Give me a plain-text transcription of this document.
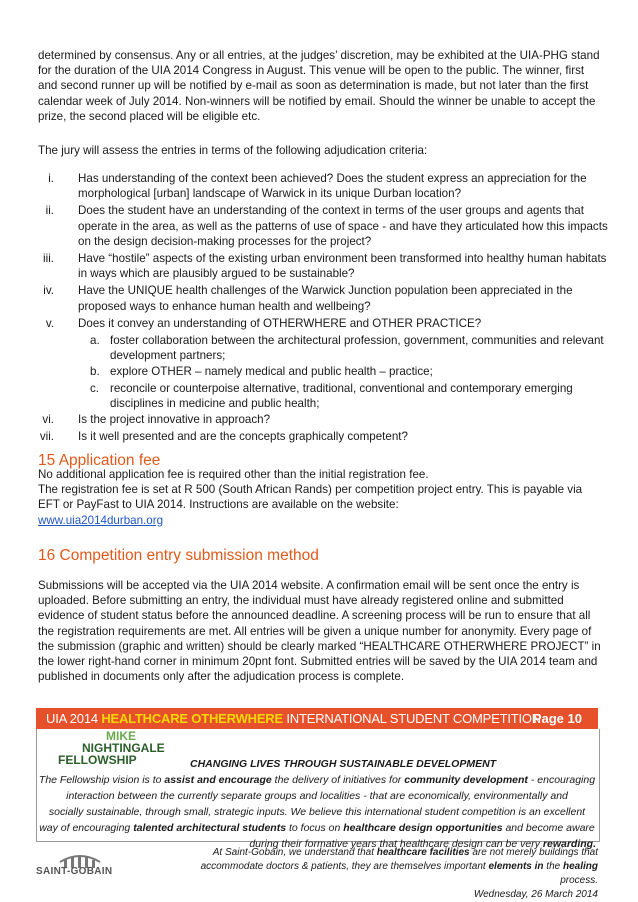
determined by consensus. Any or all entries, at the judges’ discretion, may be exhibited at the UIA-PHG stand for the duration of the UIA 2014 Congress in August. This venue will be open to the public. The winner, first and second runner up will be notified by e-mail as soon as determination is made, but not later than the first calendar week of July 2014. Non-winners will be notified by email. Should the winner be unable to accept the prize, the second placed will be eligible etc.

The jury will assess the entries in terms of the following adjudication criteria:

i. Has understanding of the context been achieved? Does the student express an appreciation for the morphological [urban] landscape of Warwick in its unique Durban location?
ii. Does the student have an understanding of the context in terms of the user groups and agents that operate in the area, as well as the patterns of use of space - and have they articulated how this impacts on the design decision-making processes for the project?
iii. Have “hostile” aspects of the existing urban environment been transformed into healthy human habitats in ways which are plausibly argued to be sustainable?
iv. Have the UNIQUE health challenges of the Warwick Junction population been appreciated in the proposed ways to enhance human health and wellbeing?
v. Does it convey an understanding of OTHERWHERE and OTHER PRACTICE?
a. foster collaboration between the architectural profession, government, communities and relevant development partners;
b. explore OTHER – namely medical and public health – practice;
c. reconcile or counterpoise alternative, traditional, conventional and contemporary emerging disciplines in medicine and public health;
vi. Is the project innovative in approach?
vii. Is it well presented and are the concepts graphically competent?
15 Application fee

No additional application fee is required other than the initial registration fee.

The registration fee is set at R 500 (South African Rands) per competition project entry. This is payable via EFT or PayFast to UIA 2014. Instructions are available on the website:

www.uia2014durban.org

16 Competition entry submission method

Submissions will be accepted via the UIA 2014 website. A confirmation email will be sent once the entry is uploaded. Before submitting an entry, the individual must have already registered online and submitted evidence of student status before the announced deadline. A screening process will be run to ensure that all the registration requirements are met. All entries will be given a unique number for anonymity. Every page of the submission (graphic and written) should be clearly marked “HEALTHCARE OTHERWHERE PROJECT” in the lower right-hand corner in minimum 20pnt font. Submitted entries will be saved by the UIA 2014 team and published in documents only after the adjudication process is complete.

UIA 2014 HEALTHCARE OTHERWHERE INTERNATIONAL STUDENT COMPETITION
Page 10
MIKE
NIGHTINGALE
FELLOWSHIP	CHANGING LIVES THROUGH SUSTAINABLE DEVELOPMENT
The Fellowship vision is to assist and encourage the delivery of initiatives for community development - encouraging
interaction between the currently separate groups and localities - that are economically, environmentally and
socially sustainable, through small, strategic inputs. We believe this international student competition is an excellent
way of encouraging talented architectural students to focus on healthcare design opportunities and become aware
during their formative years that healthcare design can be very rewarding.
SAINT-GOBAIN
At Saint-Gobain, we understand that healthcare facilities are not merely buildings that
accommodate doctors & patients, they are themselves important elements in the healing process.
Wednesday, 26 March 2014
